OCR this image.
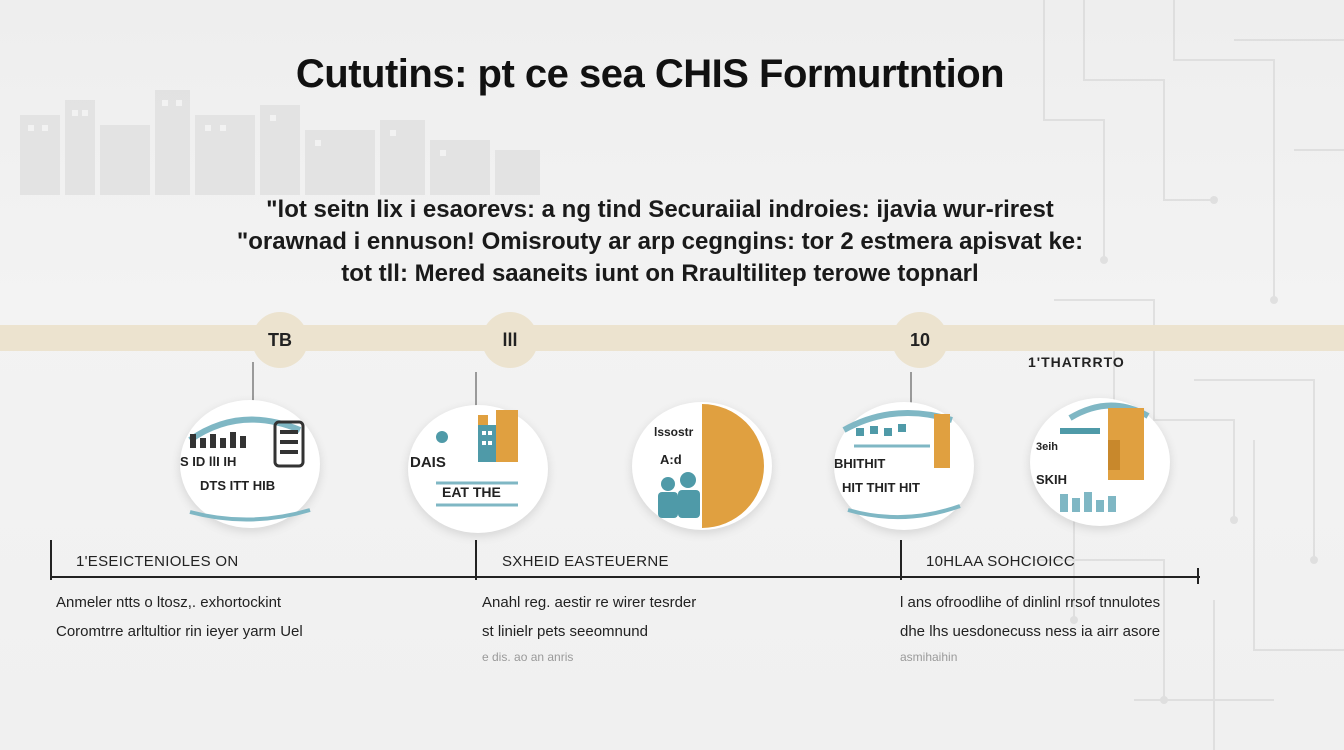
Cututins: pt ce sea CHIS Formurtntion
"lot seitn lix i esaorevs: a ng tind Securaiial indroies: ijavia wur-rirest
"orawnad i ennuson! Omisrouty ar arp cegngins: tor 2 estmera apisvat ke:
tot tll: Mered saaneits iunt on Rraultilitep terowe topnarl
TB	lll	10
1'THATRRTO
S ID llI IH
DTS ITT HIB
DAIS
EAT THE
lssostr
A:d	BHITHIT
HIT THIT HIT
3eih
SKIH
1'ESEICTENIOLES ON	SXHEID EASTEUERNE	10HLAA SOHCIOICC
Anmeler ntts o ltosz,. exhortockint
Coromtrre arltultior rin ieyer yarm Uel
Anahl reg. aestir re wirer tesrder
st linielr pets seeomnund
e dis. ao an anris
l ans ofroodlihe of dinlinl rrsof tnnulotes
dhe lhs uesdonecuss ness ia airr asore
asmihaihin
